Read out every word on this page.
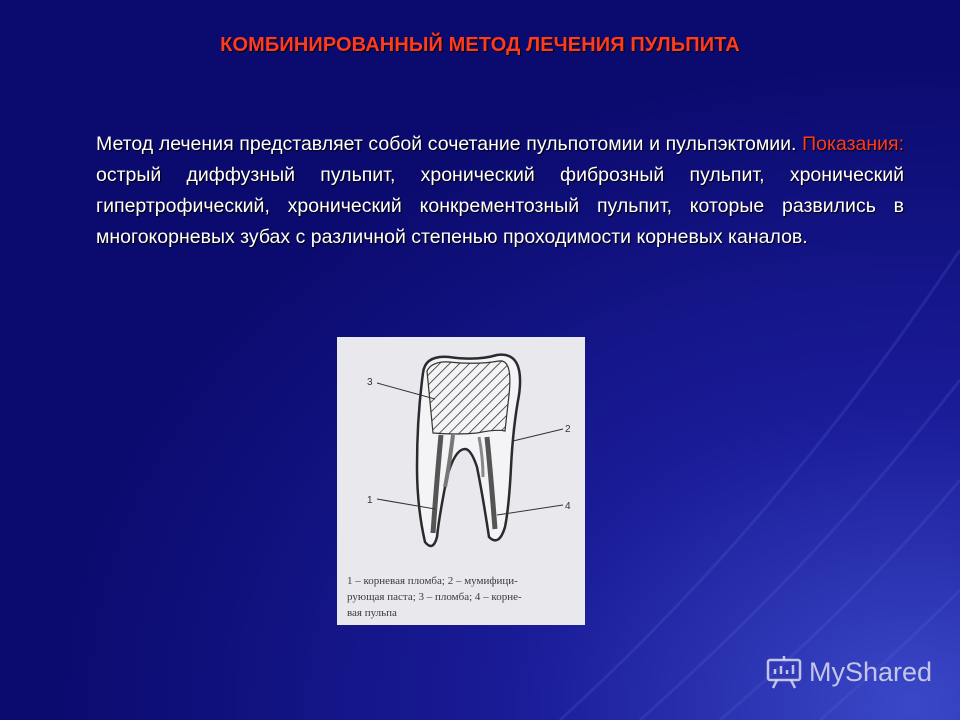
КОМБИНИРОВАННЫЙ МЕТОД ЛЕЧЕНИЯ ПУЛЬПИТА
Метод лечения представляет собой сочетание пульпотомии и пульпэктомии. Показания: острый диффузный пульпит, хронический фиброзный пульпит, хронический гипертрофический, хронический конкрементозный пульпит, которые развились в многокорневых зубах с различной степенью проходимости корневых каналов.
3
2
1
4
1 – корневая пломба; 2 – мумифици-
рующая паста; 3 – пломба; 4 – корне-
вая пульпа
MyShared
